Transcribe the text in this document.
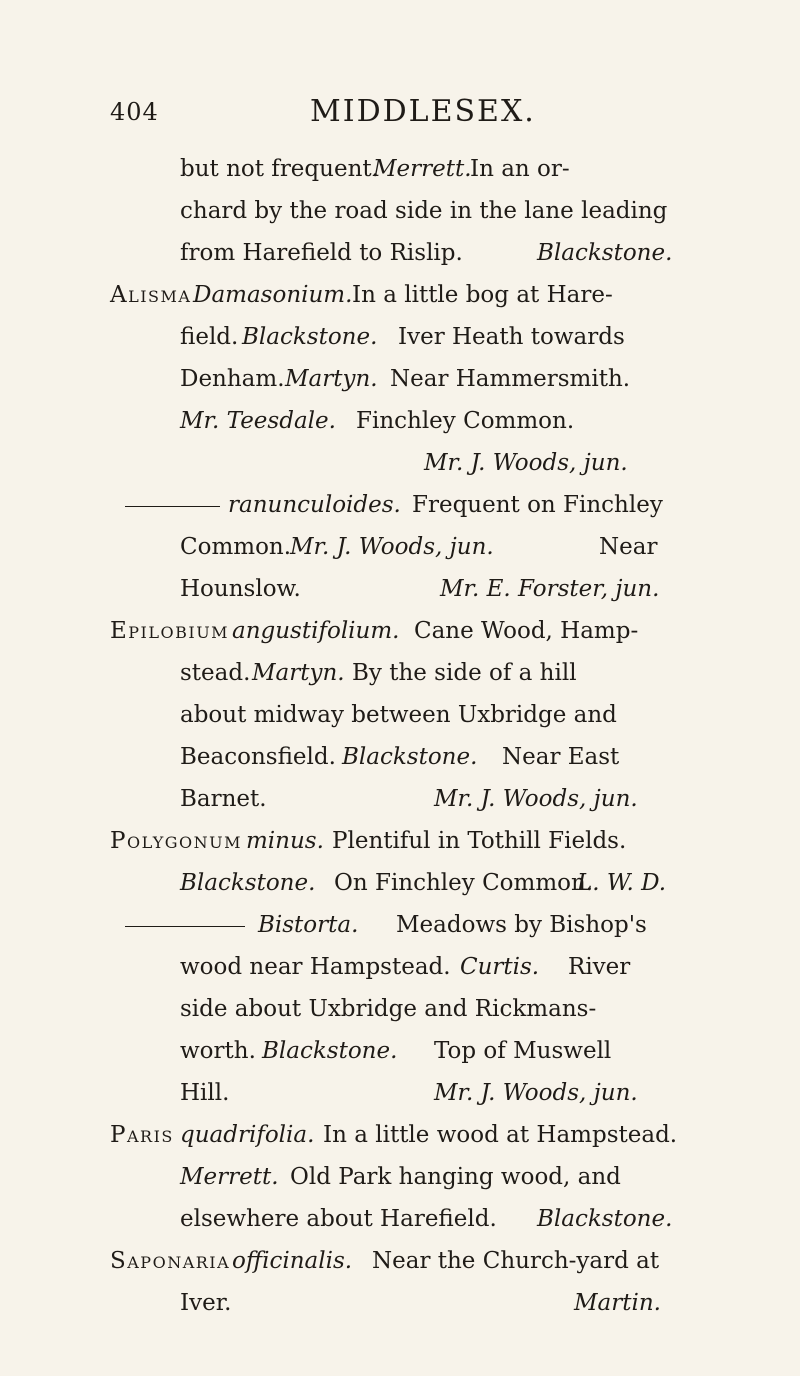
404	MIDDLESEX.
but not frequent.
Merrett.
In an or-
chard by the road side in the lane leading
from Harefield to Rislip.	Blackstone.
Alisma Damasonium. In a little bog at Hare-
field. Blackstone. Iver Heath towards
Denham. Martyn. Near Hammersmith.
Mr. Teesdale. Finchley Common.
Mr. J. Woods, jun.
ranunculoides. Frequent on Finchley
Common.
Mr. J. Woods, jun.	Near
Hounslow.	Mr. E. Forster, jun.
Epilobium angustifolium. Cane Wood, Hamp-
stead. Martyn. By the side of a hill
about midway between Uxbridge and
Beaconsfield. Blackstone. Near East
Barnet.	Mr. J. Woods, jun.
Polygonum minus. Plentiful in Tothill Fields.
Blackstone. On Finchley Common.
L. W. D.
Bistorta. Meadows by Bishop's
wood near Hampstead. Curtis. River
side about Uxbridge and Rickmans-
worth. Blackstone. Top of Muswell
Hill.	Mr. J. Woods, jun.
Paris quadrifolia. In a little wood at Hampstead.
Merrett. Old Park hanging wood, and
elsewhere about Harefield. Blackstone.
Saponaria officinalis. Near the Church-yard at
Iver.	Martin.
